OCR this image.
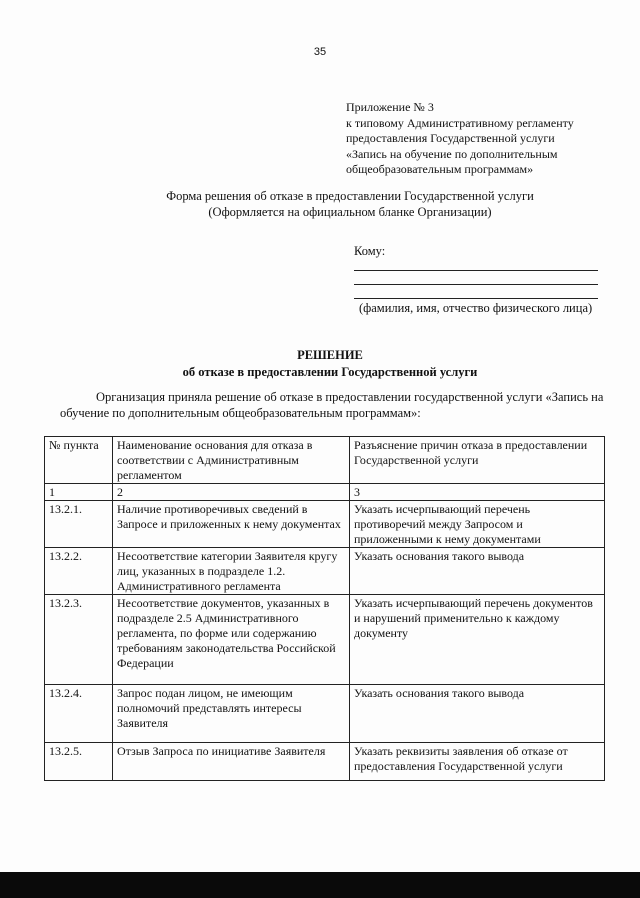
35
Приложение № 3
к типовому Административному регламенту
предоставления Государственной услуги
«Запись на обучение по дополнительным
общеобразовательным программам»
Форма решения об отказе в предоставлении Государственной услуги
(Оформляется на официальном бланке Организации)
Кому:
(фамилия, имя, отчество физического лица)
РЕШЕНИЕ
об отказе в предоставлении Государственной услуги
Организация приняла решение об отказе в предоставлении государственной услуги «Запись на обучение по дополнительным общеобразовательным программам»:
№ пункта	Наименование основания для отказа в соответствии с Административным регламентом	Разъяснение причин отказа в предоставлении Государственной услуги
1	2	3
13.2.1.	Наличие противоречивых сведений в Запросе и приложенных к нему документах	Указать исчерпывающий перечень противоречий между Запросом и приложенными к нему документами
13.2.2.	Несоответствие категории Заявителя кругу лиц, указанных в подразделе 1.2. Административного регламента	Указать основания такого вывода
13.2.3.	Несоответствие документов, указанных в подразделе 2.5 Административного регламента, по форме или содержанию требованиям законодательства Российской Федерации	Указать исчерпывающий перечень документов и нарушений применительно к каждому документу
13.2.4.	Запрос подан лицом, не имеющим полномочий представлять интересы Заявителя	Указать основания такого вывода
13.2.5.	Отзыв Запроса по инициативе Заявителя	Указать реквизиты заявления об отказе от предоставления Государственной услуги
